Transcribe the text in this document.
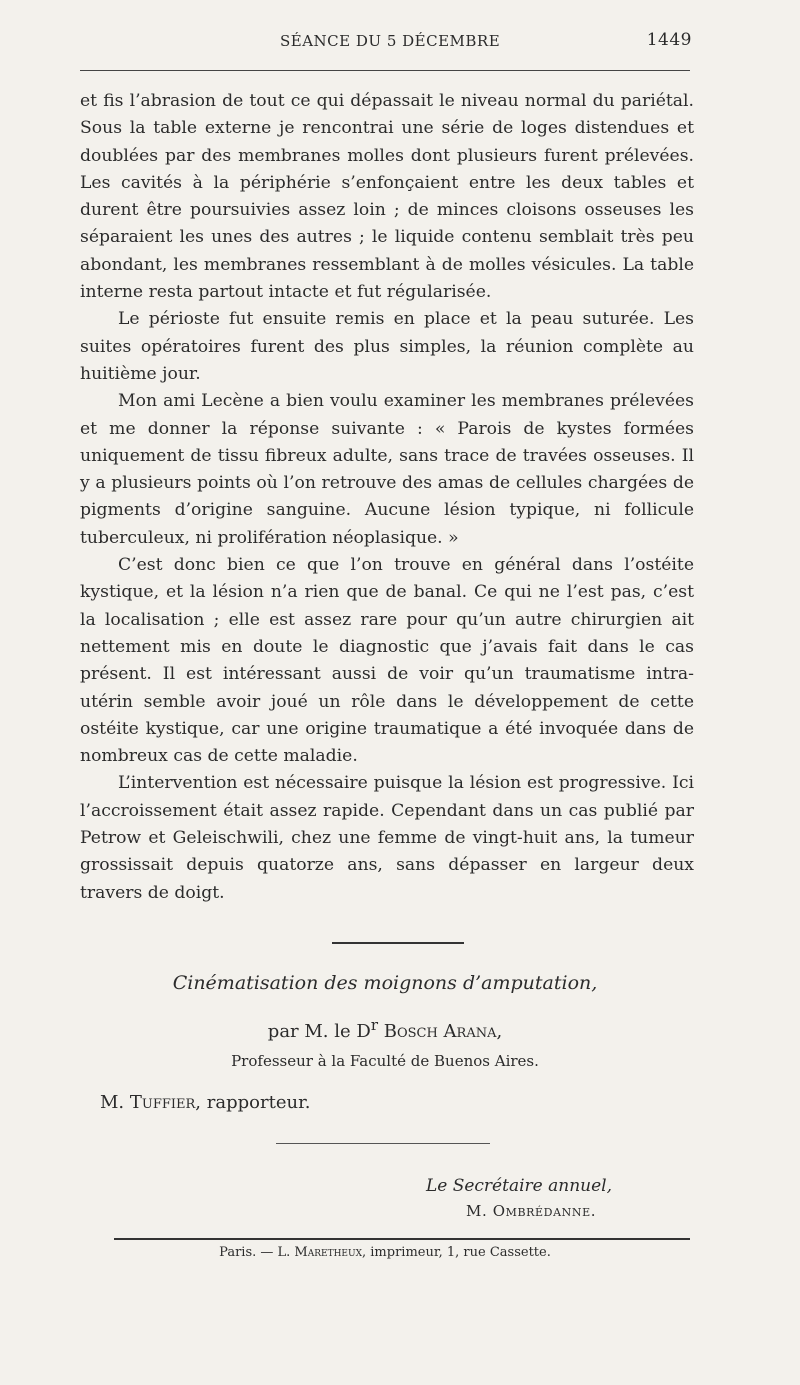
SÉANCE DU 5 DÉCEMBRE	1449

et fis l’abrasion de tout ce qui dépassait le niveau normal du pariétal. Sous la table externe je rencontrai une série de loges distendues et doublées par des membranes molles dont plusieurs furent prélevées. Les cavités à la périphérie s’enfonçaient entre les deux tables et durent être poursuivies assez loin ; de minces cloisons osseuses les séparaient les unes des autres ; le liquide contenu semblait très peu abondant, les membranes ressemblant à de molles vésicules. La table interne resta partout intacte et fut régularisée.

Le périoste fut ensuite remis en place et la peau suturée. Les suites opératoires furent des plus simples, la réunion complète au huitième jour.

Mon ami Lecène a bien voulu examiner les membranes prélevées et me donner la réponse suivante : « Parois de kystes formées uniquement de tissu fibreux adulte, sans trace de travées osseuses. Il y a plusieurs points où l’on retrouve des amas de cellules chargées de pigments d’origine sanguine. Aucune lésion typique, ni follicule tuberculeux, ni prolifération néoplasique. »

C’est donc bien ce que l’on trouve en général dans l’ostéite kystique, et la lésion n’a rien que de banal. Ce qui ne l’est pas, c’est la localisation ; elle est assez rare pour qu’un autre chirurgien ait nettement mis en doute le diagnostic que j’avais fait dans le cas présent. Il est intéressant aussi de voir qu’un traumatisme intra-utérin semble avoir joué un rôle dans le développement de cette ostéite kystique, car une origine traumatique a été invoquée dans de nombreux cas de cette maladie.

L’intervention est nécessaire puisque la lésion est progressive. Ici l’accroissement était assez rapide. Cependant dans un cas publié par Petrow et Geleischwili, chez une femme de vingt-huit ans, la tumeur grossissait depuis quatorze ans, sans dépasser en largeur deux travers de doigt.

Cinématisation des moignons d’amputation,
par M. le $D^r$ Bosch Arana,
Professeur à la Faculté de Buenos Aires.
M. Tuffier, rapporteur.
Le Secrétaire annuel,
M. Ombrédanne.
Paris. — L. Maretheux, imprimeur, 1, rue Cassette.
